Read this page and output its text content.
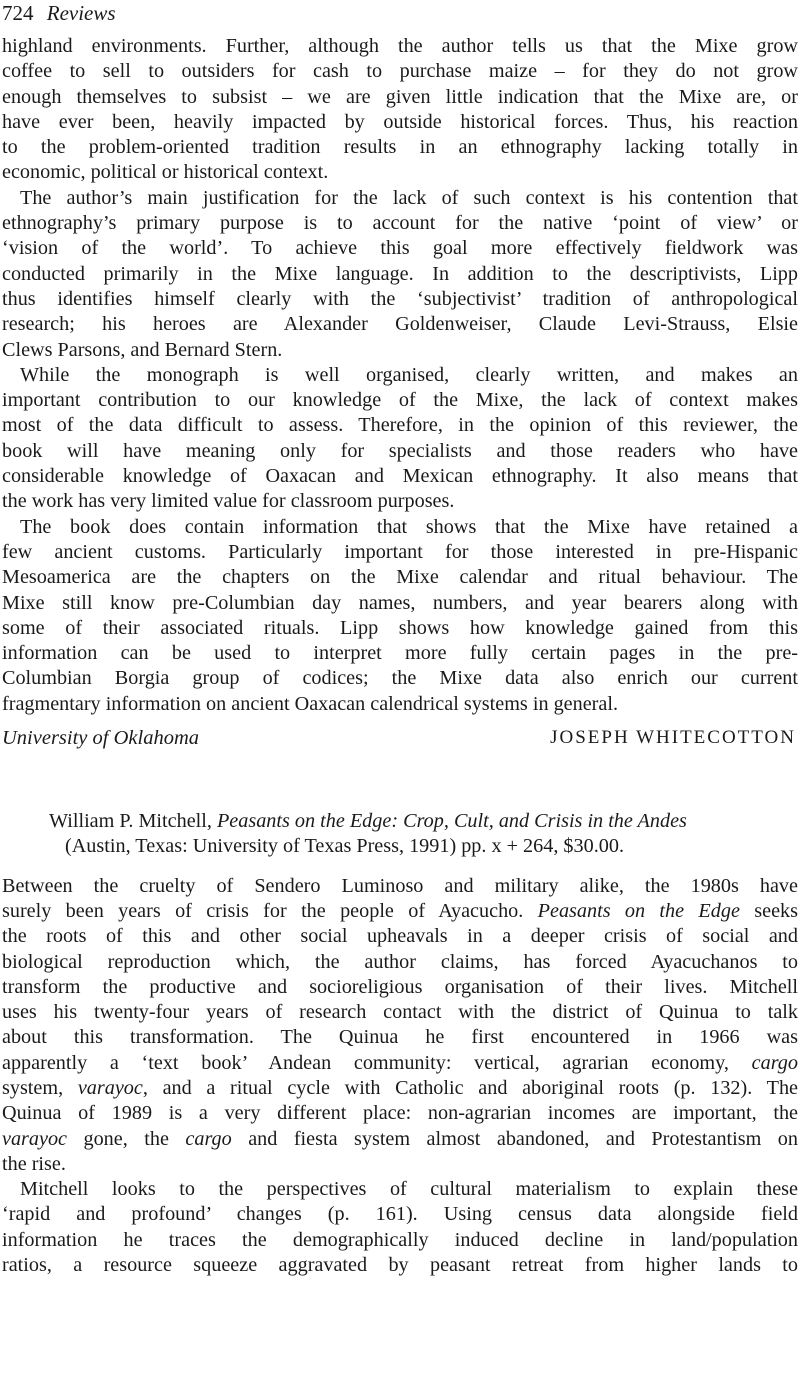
724 Reviews

highland environments. Further, although the author tells us that the Mixe grow
coffee to sell to outsiders for cash to purchase maize – for they do not grow
enough themselves to subsist – we are given little indication that the Mixe are, or
have ever been, heavily impacted by outside historical forces. Thus, his reaction
to the problem-oriented tradition results in an ethnography lacking totally in
economic, political or historical context.

The author’s main justification for the lack of such context is his contention that
ethnography’s primary purpose is to account for the native ‘point of view’ or
‘vision of the world’. To achieve this goal more effectively fieldwork was
conducted primarily in the Mixe language. In addition to the descriptivists, Lipp
thus identifies himself clearly with the ‘subjectivist’ tradition of anthropological
research; his heroes are Alexander Goldenweiser, Claude Levi-Strauss, Elsie
Clews Parsons, and Bernard Stern.

While the monograph is well organised, clearly written, and makes an
important contribution to our knowledge of the Mixe, the lack of context makes
most of the data difficult to assess. Therefore, in the opinion of this reviewer, the
book will have meaning only for specialists and those readers who have
considerable knowledge of Oaxacan and Mexican ethnography. It also means that
the work has very limited value for classroom purposes.

The book does contain information that shows that the Mixe have retained a
few ancient customs. Particularly important for those interested in pre-Hispanic
Mesoamerica are the chapters on the Mixe calendar and ritual behaviour. The
Mixe still know pre-Columbian day names, numbers, and year bearers along with
some of their associated rituals. Lipp shows how knowledge gained from this
information can be used to interpret more fully certain pages in the pre-
Columbian Borgia group of codices; the Mixe data also enrich our current
fragmentary information on ancient Oaxacan calendrical systems in general.

University of Oklahoma	JOSEPH WHITECOTTON
William P. Mitchell, Peasants on the Edge: Crop, Cult, and Crisis in the Andes
(Austin, Texas: University of Texas Press, 1991) pp. x + 264, $30.00.

Between the cruelty of Sendero Luminoso and military alike, the 1980s have
surely been years of crisis for the people of Ayacucho. Peasants on the Edge seeks
the roots of this and other social upheavals in a deeper crisis of social and
biological reproduction which, the author claims, has forced Ayacuchanos to
transform the productive and socioreligious organisation of their lives. Mitchell
uses his twenty-four years of research contact with the district of Quinua to talk
about this transformation. The Quinua he first encountered in 1966 was
apparently a ‘text book’ Andean community: vertical, agrarian economy, cargo
system, varayoc, and a ritual cycle with Catholic and aboriginal roots (p. 132). The
Quinua of 1989 is a very different place: non-agrarian incomes are important, the
varayoc gone, the cargo and fiesta system almost abandoned, and Protestantism on
the rise.

Mitchell looks to the perspectives of cultural materialism to explain these
‘rapid and profound’ changes (p. 161). Using census data alongside field
information he traces the demographically induced decline in land/population
ratios, a resource squeeze aggravated by peasant retreat from higher lands to
